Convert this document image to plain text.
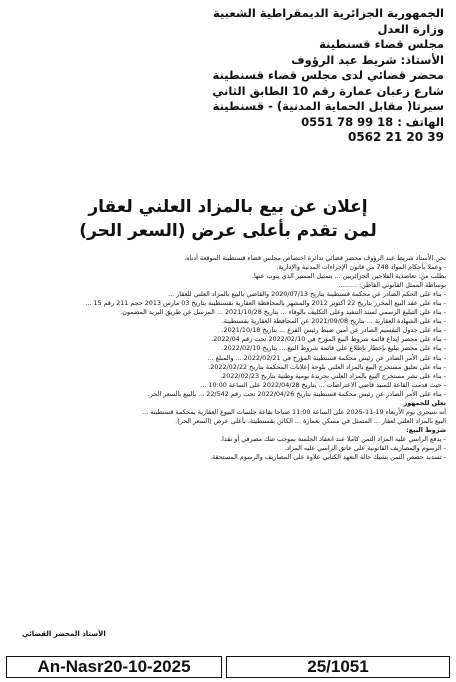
الجمهورية الجزائرية الديمقراطية الشعبية
وزارة العدل
مجلس قضاء قسنطينة
الأستاذ: شريط عبد الرؤوف
محضر قضائي لدى مجلس قضاء قسنطينة
شارع زعبان عمارة رقم 10 الطابق الثاني
سيرتا( مقابل الحماية المدنية) - قسنطينة
الهاتف : 0551 78 99 18
0562 21 20 39
إعلان عن بيع بالمزاد العلني لعقار
لمن تقدم بأعلى عرض (السعر الحر)

نحن الأستاذ شريط عبد الرؤوف محضر قضائي بدائرة اختصاص مجلس قضاء قسنطينة الموقعة أدناه،

- وعملا بأحكام المواد 748 من قانون الإجراءات المدنية والإدارية.

بطلب من: تعاضدية الفلاحين الجزائريين ... بتمثيل المسير الذي ينوب عنها.

بوساطة الممثل القانوني القاطن: .........

- بناء على الحكم الصادر عن محكمة قسنطينة بتاريخ 2020/07/13 والقاضي بالبيع بالمزاد العلني للعقار ...

- بناء على عقد البيع المحرر بتاريخ 22 أكتوبر 2012 والمشهر بالمحافظة العقارية بقسنطينة بتاريخ 03 مارس 2013 حجم 211 رقم 15 ...

- بناء على التبليغ الرسمي لسند التنفيذ وعلى التكليف بالوفاء ... بتاريخ 2021/10/28 ... المرسل عن طريق البريد المضمون.

- بناء على الشهادة العقارية ... بتاريخ 2021/09/08 عن المحافظة العقارية بقسنطينة.

- بناء على جدول التقسيم الصادر عن أمين ضبط رئيس الفرع ... بتاريخ 2021/10/18.

- بناء على محضر إيداع قائمة شروط البيع المؤرخ في 2022/02/10 تحت رقم 2022/04.

- بناء على محضر تبليغ بإخطار بإطلاع على قائمة شروط البيع ... بتاريخ 2022/02/10.

- بناء على الأمر الصادر عن رئيس محكمة قسنطينة المؤرخ في 2022/02/21 ... والمبلغ ...

- بناء على تعليق مستخرج البيع بالمزاد العلني بلوحة إعلانات المحكمة بتاريخ 2022/02/22.

- بناء على نشر مستخرج البيع بالمزاد العلني بجريدة يومية وطنية بتاريخ 2022/02/23.

- حيث قدمت القاعة للسيد قاضي الاعتراضات ... بتاريخ 2022/04/28 على الساعة 10:00 ...

- بناء على الأمر الصادر عن رئيس محكمة قسنطينة بتاريخ 2022/04/26 تحت رقم 22/542 ... بالبيع بالسعر الحر.

نعلن للجمهور

أنه سيجري يوم الأربعاء 19-11-2025 على الساعة 11:00 صباحا بقاعة جلسات البيوع العقارية بمحكمة قسنطينة ...

البيع بالمزاد العلني لعقار ... المتمثل في مسكن بعمارة ... الكائن بقسنطينة، بأعلى عرض (السعر الحر).

شروط البيع:

- يدفع الراسي عليه المزاد الثمن كاملا عند انعقاد الجلسة بموجب صك مصرفي أو نقدا.

- الرسوم والمصاريف القانونية على عاتق الراسي عليه المزاد.

- تسديد حصص الثمن بشيك حالة التعهد الكتابي علاوة على المصاريف والرسوم المستحقة.

الأستاذ المحضر القضائي
An-Nasr20-10-2025	25/1051
